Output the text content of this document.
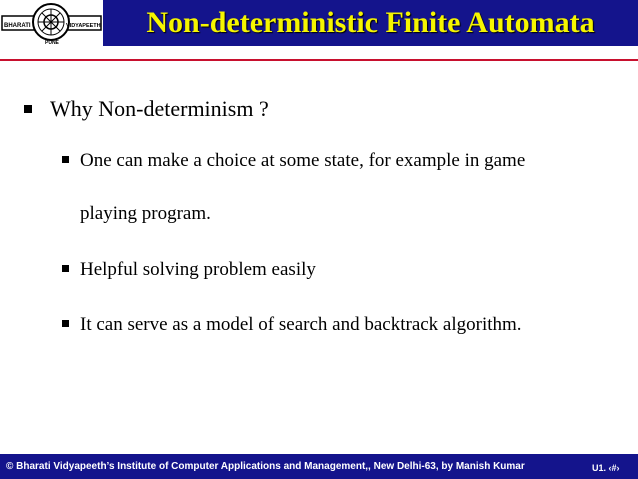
BHARATI	VIDYAPEETH
PUNE
Non-deterministic Finite Automata
Why Non-determinism ?
One can make a choice at some state, for example in game
playing program.
Helpful solving problem easily
It can serve as a model of search and backtrack algorithm.
© Bharati Vidyapeeth’s Institute of Computer Applications and Management,, New Delhi-63, by Manish Kumar	U1. ‹#›
